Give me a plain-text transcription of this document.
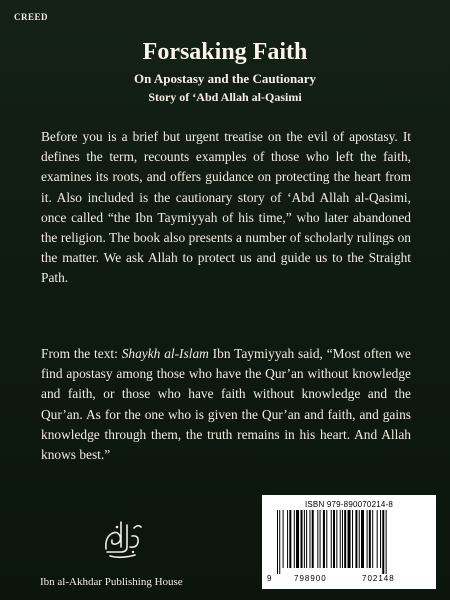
CREED
Forsaking Faith
On Apostasy and the Cautionary
Story of ‘Abd Allah al-Qasimi

Before you is a brief but urgent treatise on the evil of apostasy. It defines the term, recounts examples of those who left the faith, examines its roots, and offers guidance on protecting the heart from it. Also included is the cautionary story of ‘Abd Allah al-Qasimi, once called “the Ibn Taymiyyah of his time,” who later abandoned the religion. The book also presents a number of scholarly rulings on the matter. We ask Allah to protect us and guide us to the Straight Path.

From the text: Shaykh al-Islam Ibn Taymiyyah said, “Most often we find apostasy among those who have the Qur’an without knowledge and faith, or those who have faith without knowledge and the Qur’an. As for the one who is given the Qur’an and faith, and gains knowledge through them, the truth remains in his heart. And Allah knows best.”

Ibn al-Akhdar Publishing House
ISBN 979-890070214-8
9	798900	702148
